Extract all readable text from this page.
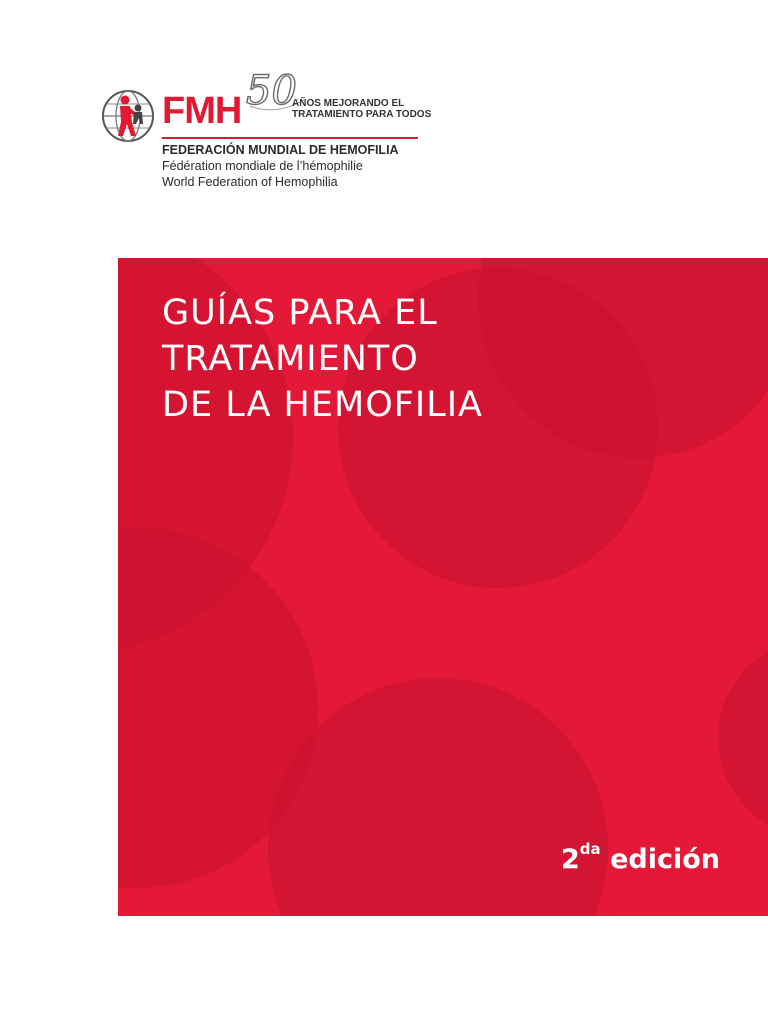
FMH 50
AÑOS MEJORANDO EL
TRATAMIENTO PARA TODOS
FEDERACIÓN MUNDIAL DE HEMOFILIA
Fédération mondiale de l’hémophilie
World Federation of Hemophilia
GUÍAS PARA EL
TRATAMIENTO
DE LA HEMOFILIA
$2^{da}$ edición
